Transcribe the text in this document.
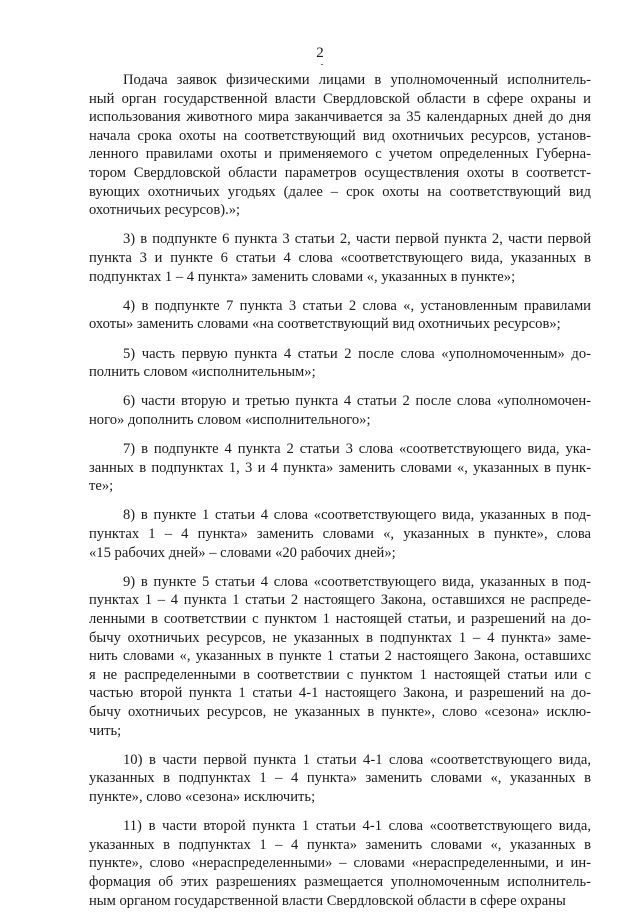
2

Подача заявок физическими лицами в уполномоченный исполнитель-
ный орган государственной власти Свердловской области в сфере охраны и
использования животного мира заканчивается за 35 календарных дней до дня
начала срока охоты на соответствующий вид охотничьих ресурсов, установ-
ленного правилами охоты и применяемого с учетом определенных Губерна-
тором Свердловской области параметров осуществления охоты в соответст-
вующих охотничьих угодьях (далее – срок охоты на соответствующий вид
охотничьих ресурсов).»;

3) в подпункте 6 пункта 3 статьи 2, части первой пункта 2, части первой
пункта 3 и пункте 6 статьи 4 слова «соответствующего вида, указанных в
подпунктах 1 – 4 пункта» заменить словами «, указанных в пункте»;

4) в подпункте 7 пункта 3 статьи 2 слова «, установленным правилами
охоты» заменить словами «на соответствующий вид охотничьих ресурсов»;

5) часть первую пункта 4 статьи 2 после слова «уполномоченным» до-
полнить словом «исполнительным»;

6) части вторую и третью пункта 4 статьи 2 после слова «уполномочен-
ного» дополнить словом «исполнительного»;

7) в подпункте 4 пункта 2 статьи 3 слова «соответствующего вида, ука-
занных в подпунктах 1, 3 и 4 пункта» заменить словами «, указанных в пунк-
те»;

8) в пункте 1 статьи 4 слова «соответствующего вида, указанных в под-
пунктах 1 – 4 пункта» заменить словами «, указанных в пункте», слова
«15 рабочих дней» – словами «20 рабочих дней»;

9) в пункте 5 статьи 4 слова «соответствующего вида, указанных в под-
пунктах 1 – 4 пункта 1 статьи 2 настоящего Закона, оставшихся не распреде-
ленными в соответствии с пунктом 1 настоящей статьи, и разрешений на до-
бычу охотничьих ресурсов, не указанных в подпунктах 1 – 4 пункта» заме-
нить словами «, указанных в пункте 1 статьи 2 настоящего Закона, оставшихс
я не распределенными в соответствии с пунктом 1 настоящей статьи или с
частью второй пункта 1 статьи 4-1 настоящего Закона, и разрешений на до-
бычу охотничьих ресурсов, не указанных в пункте», слово «сезона» исклю-
чить;

10) в части первой пункта 1 статьи 4-1 слова «соответствующего вида,
указанных в подпунктах 1 – 4 пункта» заменить словами «, указанных в
пункте», слово «сезона» исключить;

11) в части второй пункта 1 статьи 4-1 слова «соответствующего вида,
указанных в подпунктах 1 – 4 пункта» заменить словами «, указанных в
пункте», слово «нераспределенными» – словами «нераспределенными, и ин-
формация об этих разрешениях размещается уполномоченным исполнитель-
ным органом государственной власти Свердловской области в сфере охраны
